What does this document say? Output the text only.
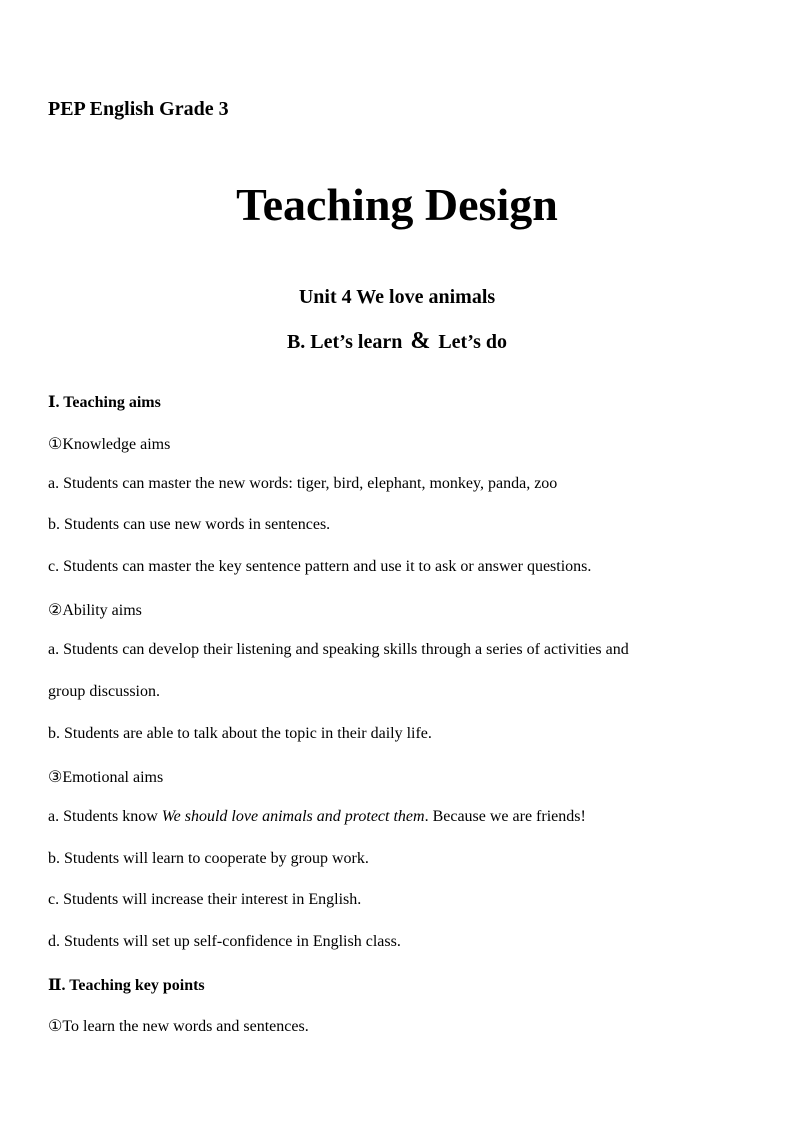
PEP English Grade 3
Teaching Design
Unit 4 We love animals
B. Let’s learn & Let’s do
Ⅰ. Teaching aims
①Knowledge aims
a. Students can master the new words: tiger, bird, elephant, monkey, panda, zoo
b. Students can use new words in sentences.
c. Students can master the key sentence pattern and use it to ask or answer questions.
②Ability aims
a. Students can develop their listening and speaking skills through a series of activities and
group discussion.
b. Students are able to talk about the topic in their daily life.
③Emotional aims
a. Students know We should love animals and protect them. Because we are friends!
b. Students will learn to cooperate by group work.
c. Students will increase their interest in English.
d. Students will set up self-confidence in English class.
Ⅱ. Teaching key points
①To learn the new words and sentences.
